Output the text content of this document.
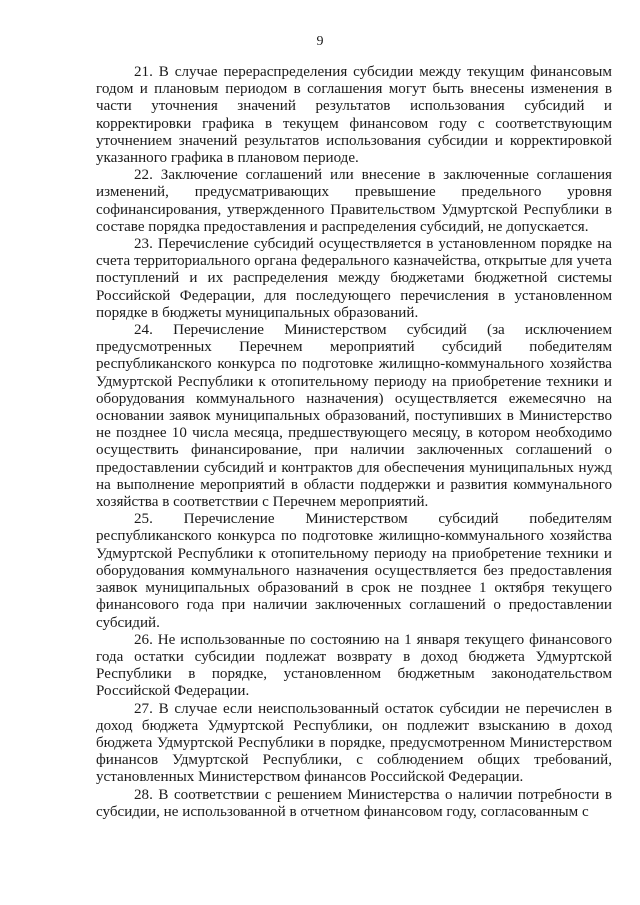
9

21. В случае перераспределения субсидии между текущим финансовым годом и плановым периодом в соглашения могут быть внесены изменения в части уточнения значений результатов использования субсидий и корректировки графика в текущем финансовом году с соответствующим уточнением значений результатов использования субсидии и корректировкой указанного графика в плановом периоде.

22. Заключение соглашений или внесение в заключенные соглашения изменений, предусматривающих превышение предельного уровня софинансирования, утвержденного Правительством Удмуртской Республики в составе порядка предоставления и распределения субсидий, не допускается.

23. Перечисление субсидий осуществляется в установленном порядке на счета территориального органа федерального казначейства, открытые для учета поступлений и их распределения между бюджетами бюджетной системы Российской Федерации, для последующего перечисления в установленном порядке в бюджеты муниципальных образований.

24. Перечисление Министерством субсидий (за исключением предусмотренных Перечнем мероприятий субсидий победителям республиканского конкурса по подготовке жилищно-коммунального хозяйства Удмуртской Республики к отопительному периоду на приобретение техники и оборудования коммунального назначения) осуществляется ежемесячно на основании заявок муниципальных образований, поступивших в Министерство не позднее 10 числа месяца, предшествующего месяцу, в котором необходимо осуществить финансирование, при наличии заключенных соглашений о предоставлении субсидий и контрактов для обеспечения муниципальных нужд на выполнение мероприятий в области поддержки и развития коммунального хозяйства в соответствии с Перечнем мероприятий.

25. Перечисление Министерством субсидий победителям республиканского конкурса по подготовке жилищно-коммунального хозяйства Удмуртской Республики к отопительному периоду на приобретение техники и оборудования коммунального назначения осуществляется без предоставления заявок муниципальных образований в срок не позднее 1 октября текущего финансового года при наличии заключенных соглашений о предоставлении субсидий.

26. Не использованные по состоянию на 1 января текущего финансового года остатки субсидии подлежат возврату в доход бюджета Удмуртской Республики в порядке, установленном бюджетным законодательством Российской Федерации.

27. В случае если неиспользованный остаток субсидии не перечислен в доход бюджета Удмуртской Республики, он подлежит взысканию в доход бюджета Удмуртской Республики в порядке, предусмотренном Министерством финансов Удмуртской Республики, с соблюдением общих требований, установленных Министерством финансов Российской Федерации.

28. В соответствии с решением Министерства о наличии потребности в субсидии, не использованной в отчетном финансовом году, согласованным с
